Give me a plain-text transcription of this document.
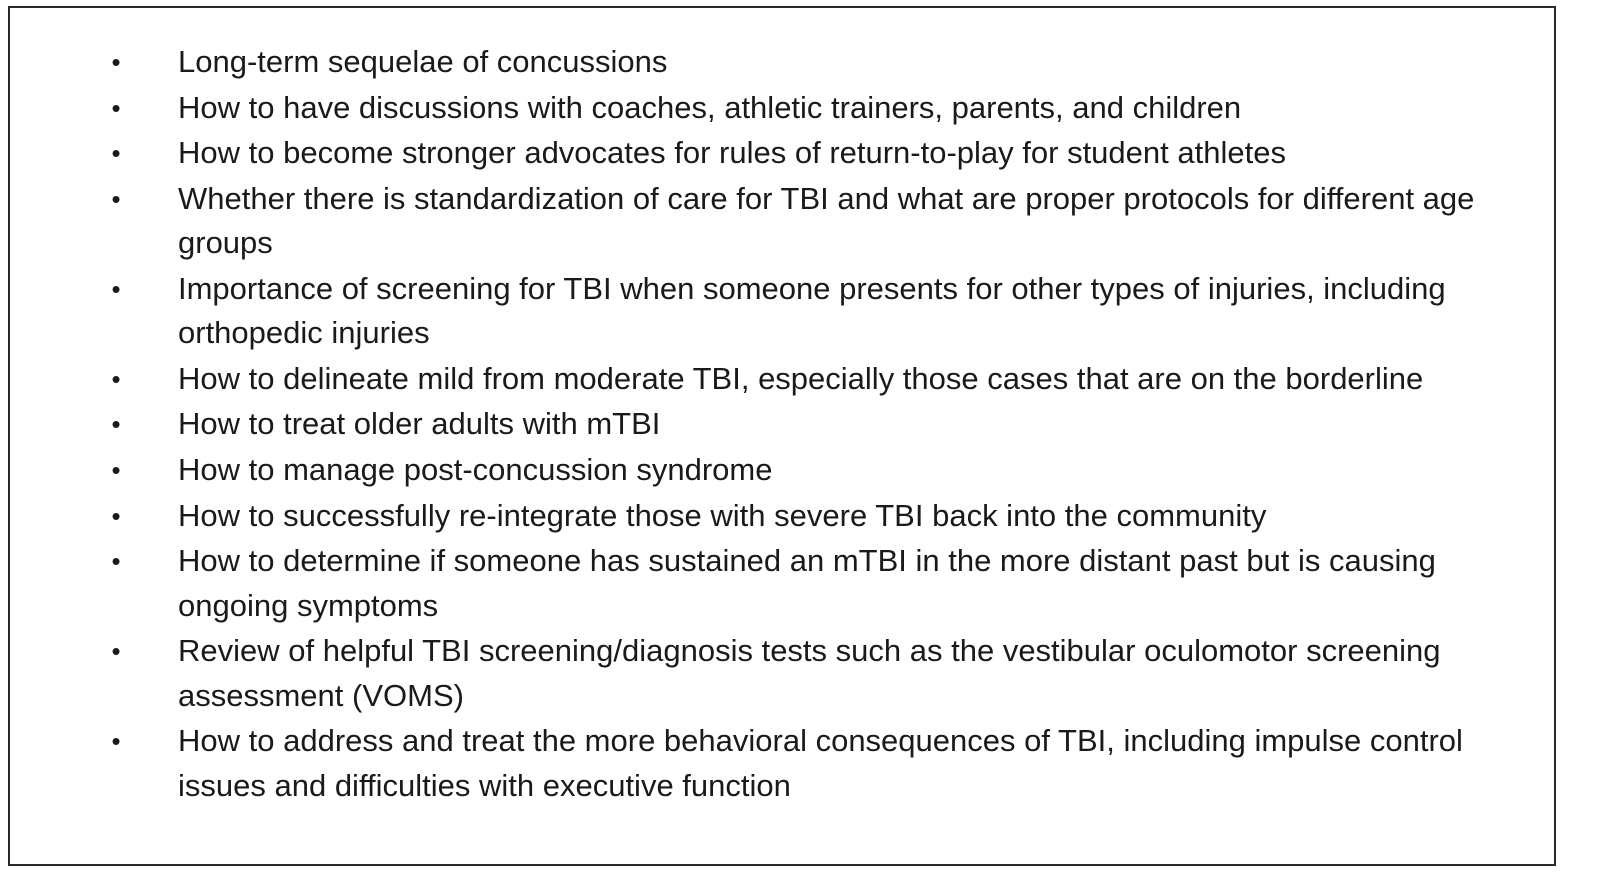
• Long-term sequelae of concussions
• How to have discussions with coaches, athletic trainers, parents, and children
• How to become stronger advocates for rules of return-to-play for student athletes
• Whether there is standardization of care for TBI and what are proper protocols for different age groups
• Importance of screening for TBI when someone presents for other types of injuries, including orthopedic injuries
• How to delineate mild from moderate TBI, especially those cases that are on the borderline
• How to treat older adults with mTBI
• How to manage post-concussion syndrome
• How to successfully re-integrate those with severe TBI back into the community
• How to determine if someone has sustained an mTBI in the more distant past but is causing ongoing symptoms
• Review of helpful TBI screening/diagnosis tests such as the vestibular oculomotor screening assessment (VOMS)
• How to address and treat the more behavioral consequences of TBI, including impulse control issues and difficulties with executive function
